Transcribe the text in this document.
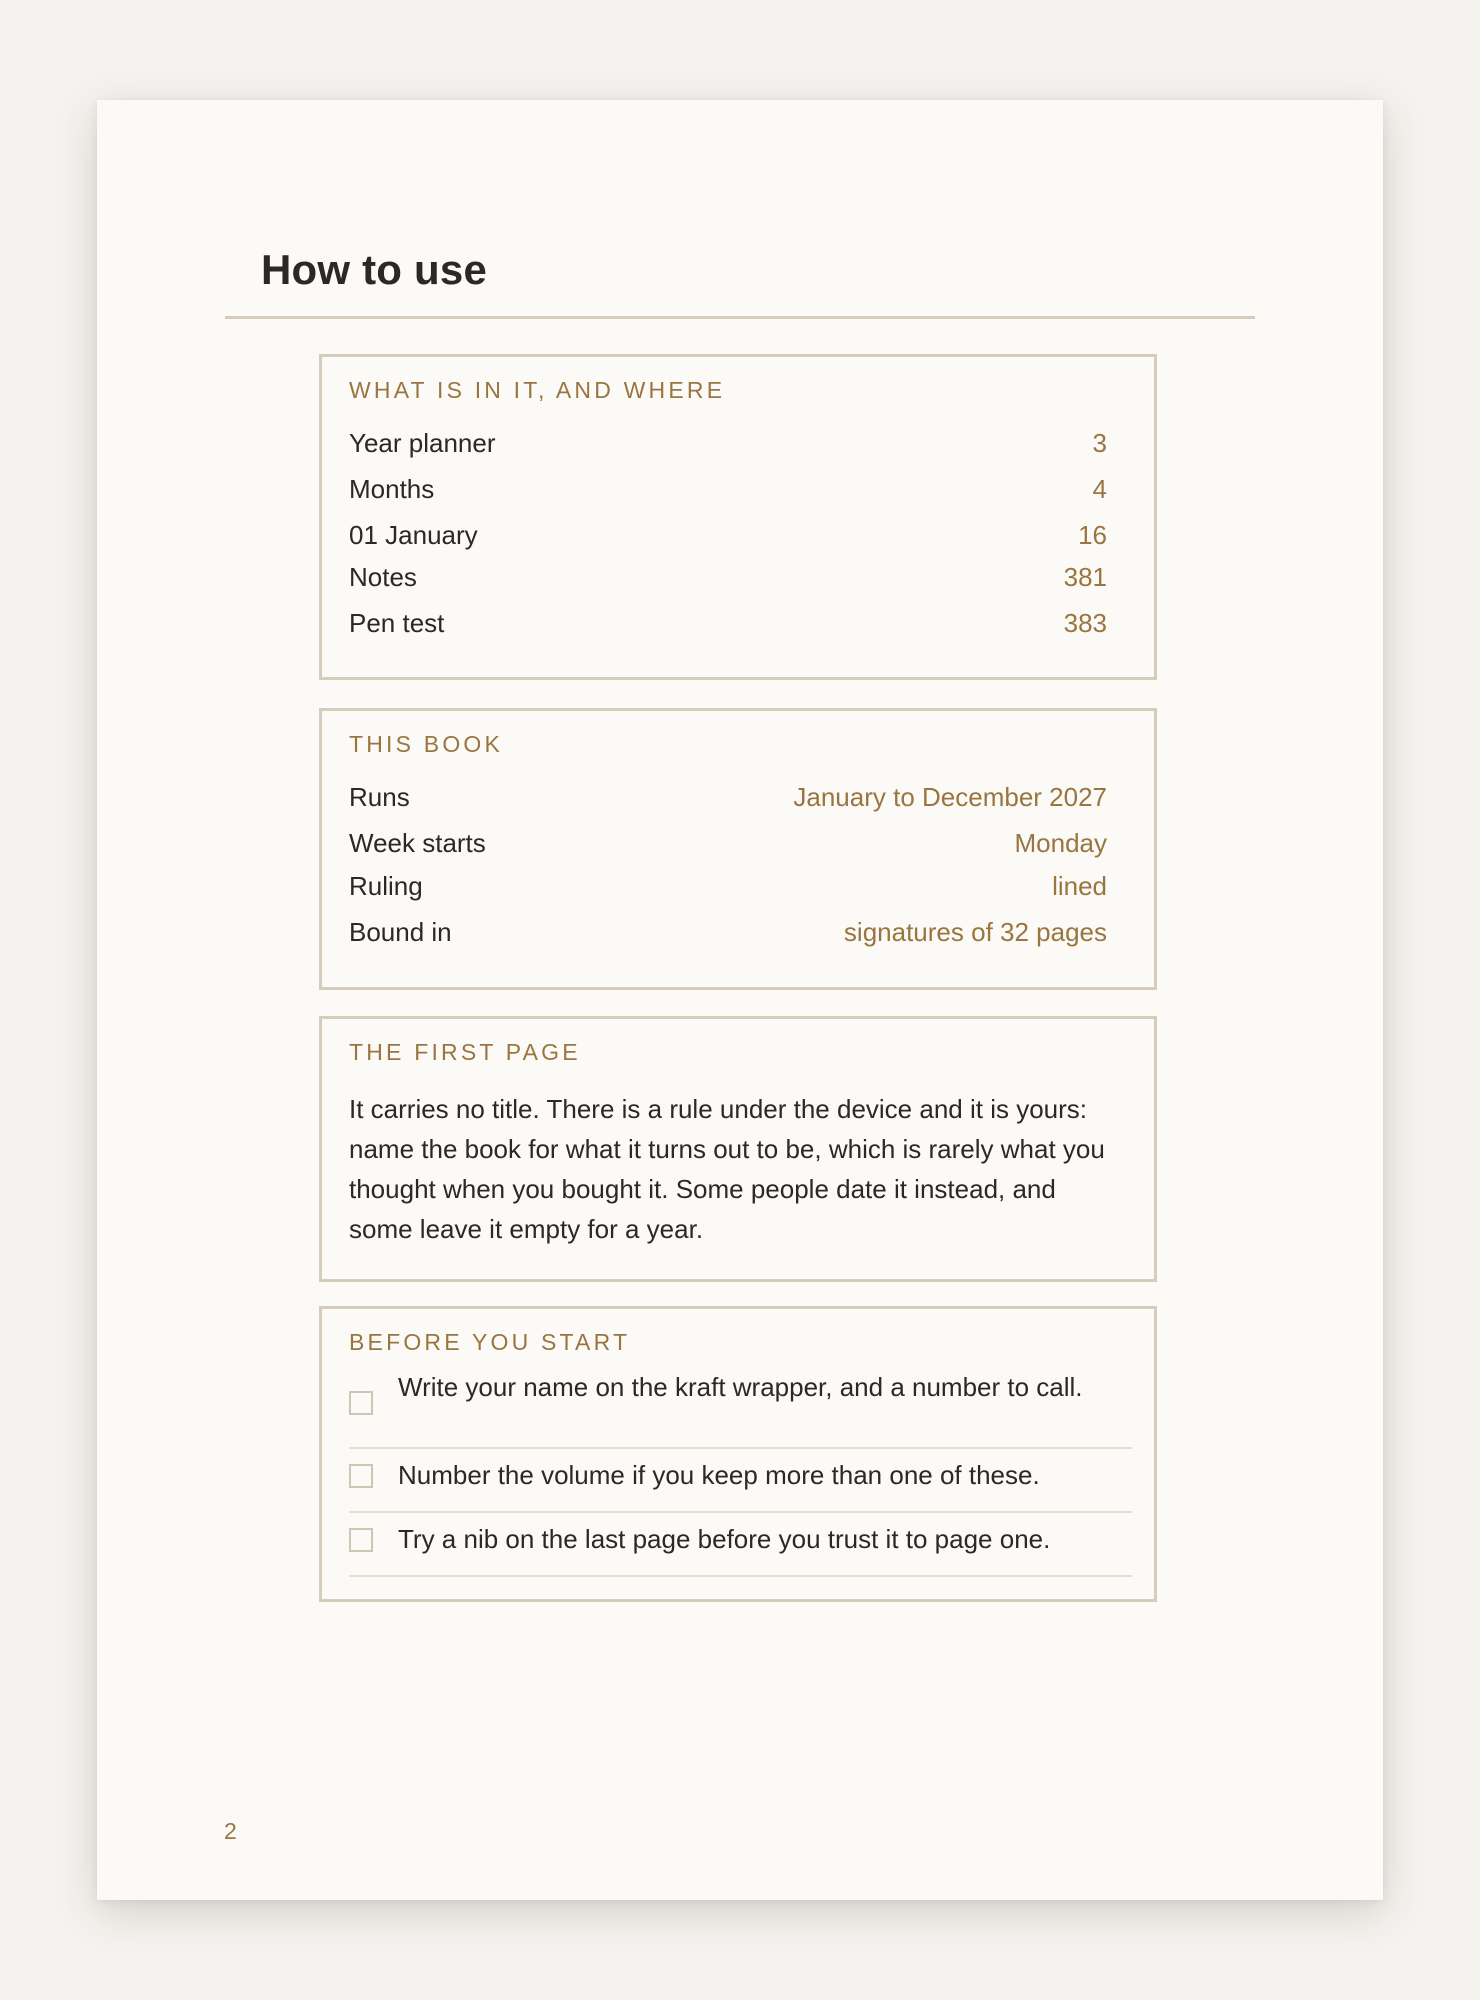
How to use
WHAT IS IN IT, AND WHERE
Year planner	3
Months	4
01 January	16
Notes	381
Pen test	383
THIS BOOK
Runs	January to December 2027
Week starts	Monday
Ruling	lined
Bound in	signatures of 32 pages
THE FIRST PAGE

It carries no title. There is a rule under the device and it is yours: name the book for what it turns out to be, which is rarely what you thought when you bought it. Some people date it instead, and some leave it empty for a year.

BEFORE YOU START
Write your name on the kraft wrapper, and a number to call.
Number the volume if you keep more than one of these.
Try a nib on the last page before you trust it to page one.
2
